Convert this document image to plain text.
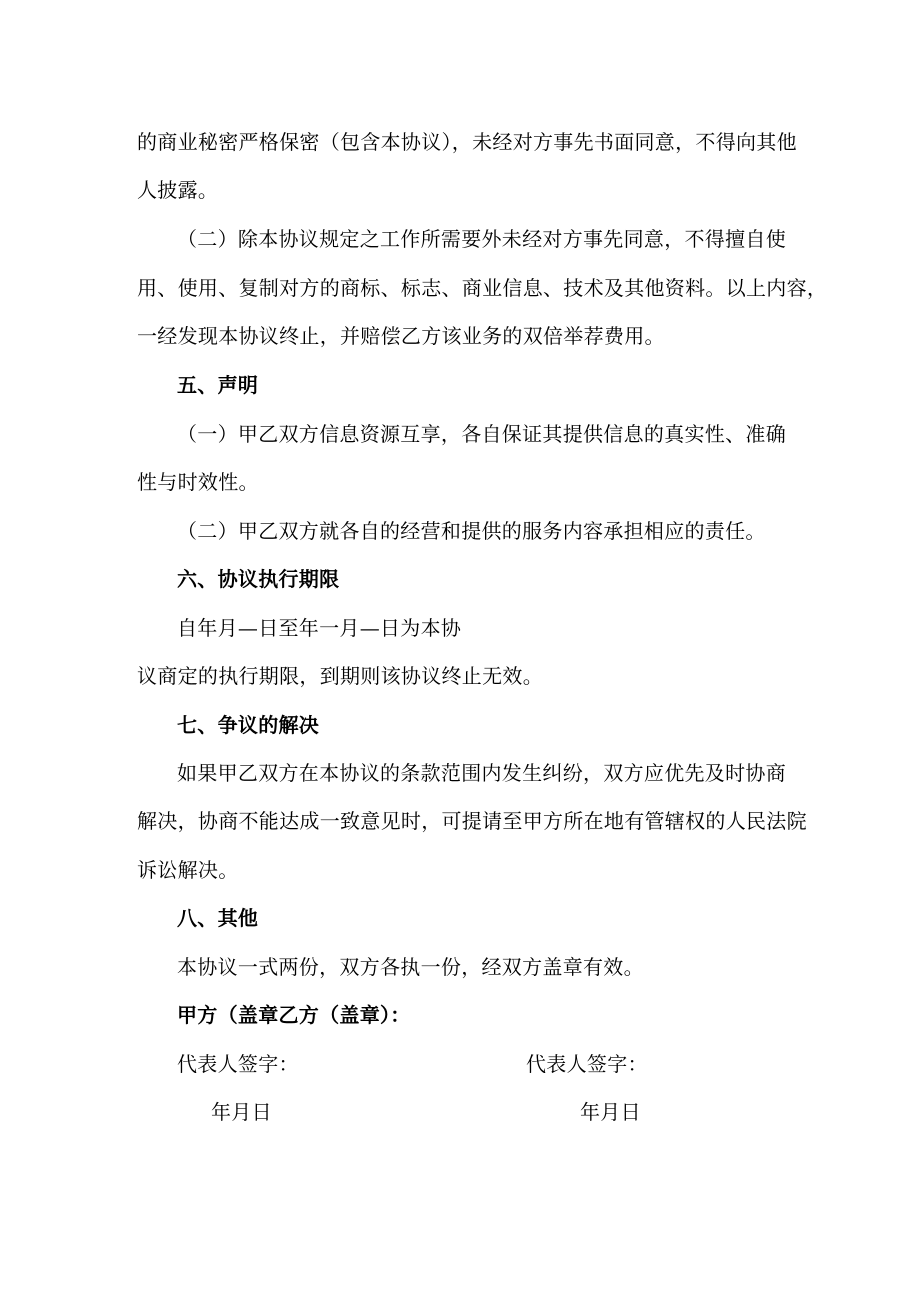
的商业秘密严格保密（包含本协议），未经对方事先书面同意，不得向其他
人披露。
（二）除本协议规定之工作所需要外未经对方事先同意，不得擅自使
用、使用、复制对方的商标、标志、商业信息、技术及其他资料。以上内容，
一经发现本协议终止，并赔偿乙方该业务的双倍举荐费用。
五、声明
（一）甲乙双方信息资源互享，各自保证其提供信息的真实性、准确
性与时效性。
（二）甲乙双方就各自的经营和提供的服务内容承担相应的责任。
六、协议执行期限
自年月—日至年一月—日为本协
议商定的执行期限，到期则该协议终止无效。
七、争议的解决
如果甲乙双方在本协议的条款范围内发生纠纷，双方应优先及时协商
解决，协商不能达成一致意见时，可提请至甲方所在地有管辖权的人民法院
诉讼解决。
八、其他
本协议一式两份，双方各执一份，经双方盖章有效。
甲方（盖章乙方（盖章）：
代表人签字：	代表人签字：
年月日	年月日
